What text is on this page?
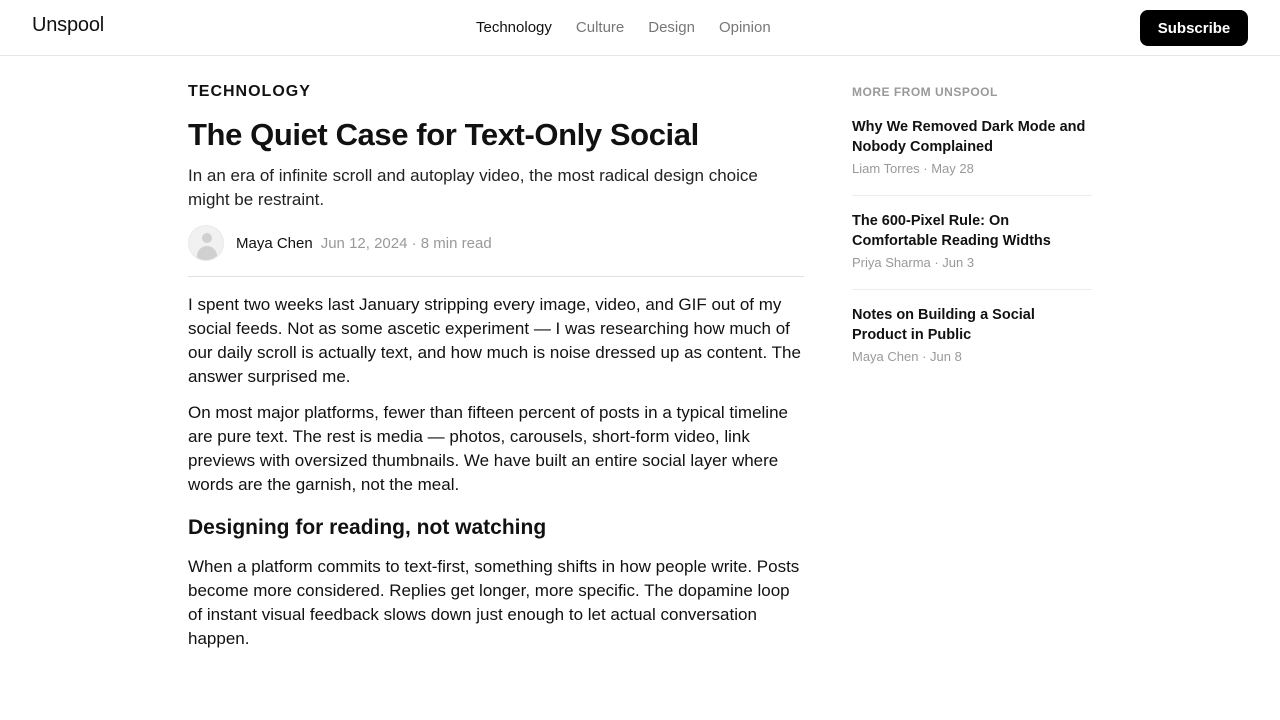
Unspool	Technology Culture Design Opinion	Subscribe
TECHNOLOGY
The Quiet Case for Text-Only Social

In an era of infinite scroll and autoplay video, the most radical design choice might be restraint.

Maya Chen Jun 12, 2024 · 8 min read

I spent two weeks last January stripping every image, video, and GIF out of my social feeds. Not as some ascetic experiment — I was researching how much of our daily scroll is actually text, and how much is noise dressed up as content. The answer surprised me.

On most major platforms, fewer than fifteen percent of posts in a typical timeline are pure text. The rest is media — photos, carousels, short-form video, link previews with oversized thumbnails. We have built an entire social layer where words are the garnish, not the meal.

Designing for reading, not watching

When a platform commits to text-first, something shifts in how people write. Posts become more considered. Replies get longer, more specific. The dopamine loop of instant visual feedback slows down just enough to let actual conversation happen.

MORE FROM UNSPOOL
Why We Removed Dark Mode and Nobody Complained
Liam Torres · May 28
The 600-Pixel Rule: On Comfortable Reading Widths
Priya Sharma · Jun 3
Notes on Building a Social Product in Public
Maya Chen · Jun 8
